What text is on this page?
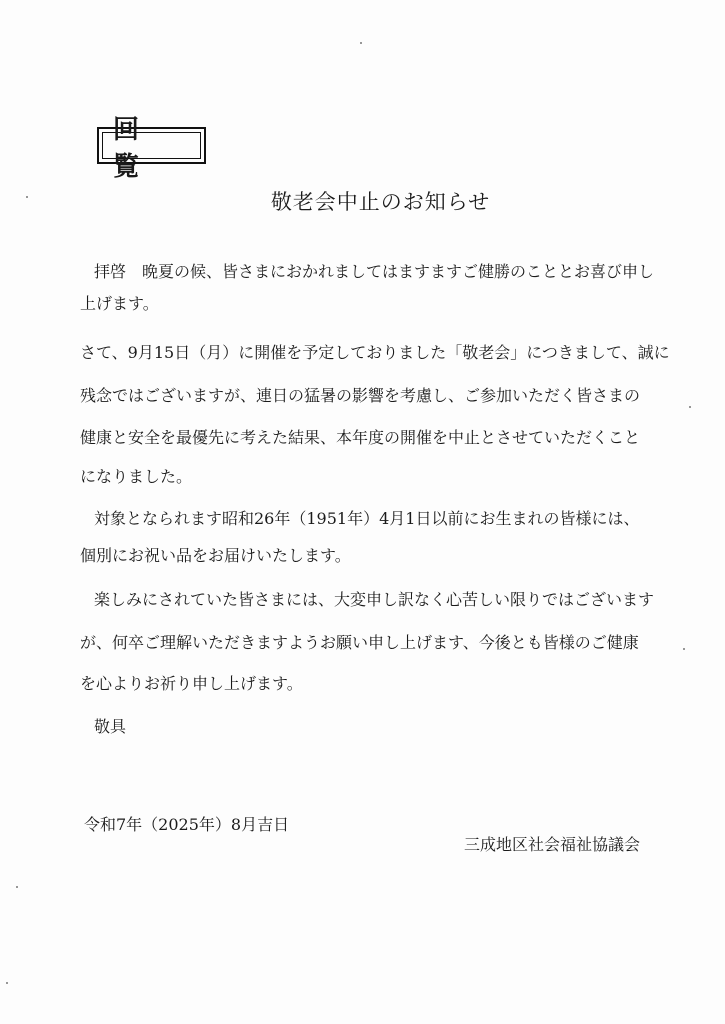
回 覧
敬老会中止のお知らせ
拝啓　晩夏の候、皆さまにおかれましてはますますご健勝のこととお喜び申し
上げます。
さて、9月15日（月）に開催を予定しておりました「敬老会」につきまして、誠に
残念ではございますが、連日の猛暑の影響を考慮し、ご参加いただく皆さまの
健康と安全を最優先に考えた結果、本年度の開催を中止とさせていただくこと
になりました。
対象となられます昭和26年（1951年）4月1日以前にお生まれの皆様には、
個別にお祝い品をお届けいたします。
楽しみにされていた皆さまには、大変申し訳なく心苦しい限りではございます
が、何卒ご理解いただきますようお願い申し上げます、今後とも皆様のご健康
を心よりお祈り申し上げます。
敬具
令和7年（2025年）8月吉日
三成地区社会福祉協議会
